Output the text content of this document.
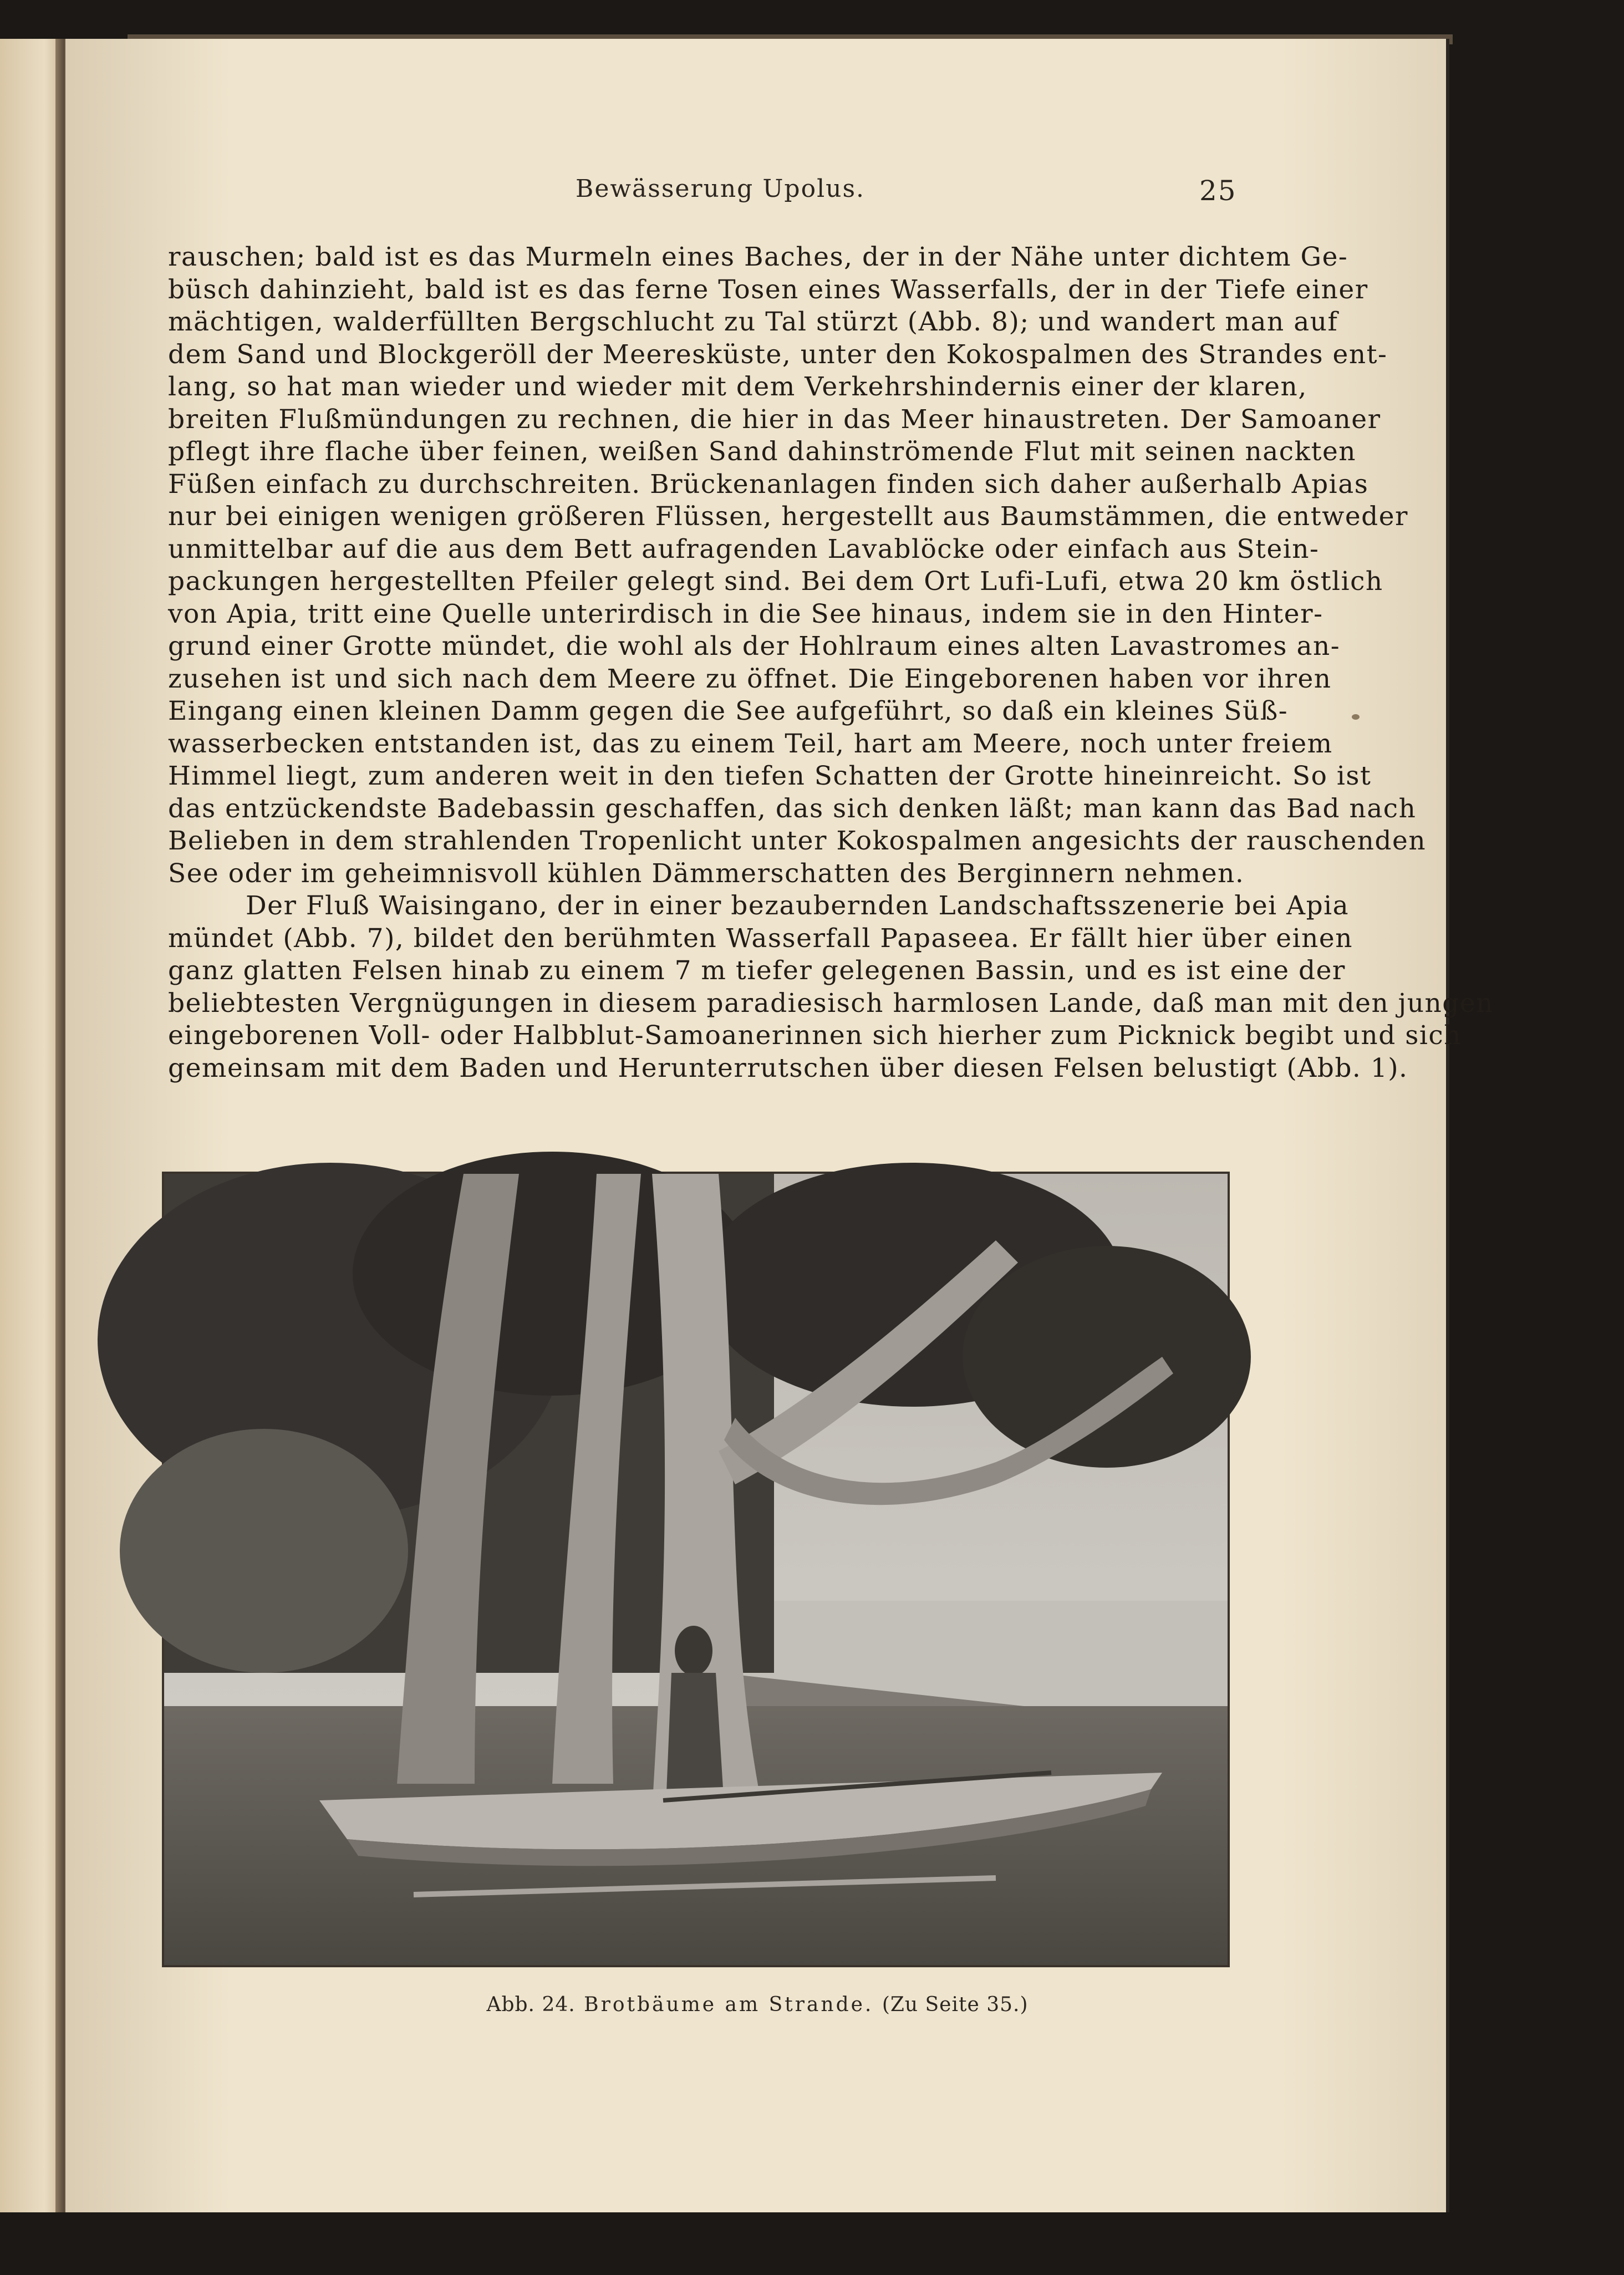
Bewässerung Upolus.	25
rauschen; bald ist es das Murmeln eines Baches, der in der Nähe unter dichtem Ge-
büsch dahinzieht, bald ist es das ferne Tosen eines Wasserfalls, der in der Tiefe einer
mächtigen, walderfüllten Bergschlucht zu Tal stürzt (Abb. 8); und wandert man auf
dem Sand und Blockgeröll der Meeresküste, unter den Kokospalmen des Strandes ent-
lang, so hat man wieder und wieder mit dem Verkehrshindernis einer der klaren,
breiten Flußmündungen zu rechnen, die hier in das Meer hinaustreten. Der Samoaner
pflegt ihre flache über feinen, weißen Sand dahinströmende Flut mit seinen nackten
Füßen einfach zu durchschreiten. Brückenanlagen finden sich daher außerhalb Apias
nur bei einigen wenigen größeren Flüssen, hergestellt aus Baumstämmen, die entweder
unmittelbar auf die aus dem Bett aufragenden Lavablöcke oder einfach aus Stein-
packungen hergestellten Pfeiler gelegt sind. Bei dem Ort Lufi-Lufi, etwa 20 km östlich
von Apia, tritt eine Quelle unterirdisch in die See hinaus, indem sie in den Hinter-
grund einer Grotte mündet, die wohl als der Hohlraum eines alten Lavastromes an-
zusehen ist und sich nach dem Meere zu öffnet. Die Eingeborenen haben vor ihren
Eingang einen kleinen Damm gegen die See aufgeführt, so daß ein kleines Süß-
wasserbecken entstanden ist, das zu einem Teil, hart am Meere, noch unter freiem
Himmel liegt, zum anderen weit in den tiefen Schatten der Grotte hineinreicht. So ist
das entzückendste Badebassin geschaffen, das sich denken läßt; man kann das Bad nach
Belieben in dem strahlenden Tropenlicht unter Kokospalmen angesichts der rauschenden
See oder im geheimnisvoll kühlen Dämmerschatten des Berginnern nehmen.
Der Fluß Waisingano, der in einer bezaubernden Landschaftsszenerie bei Apia
mündet (Abb. 7), bildet den berühmten Wasserfall Papaseea. Er fällt hier über einen
ganz glatten Felsen hinab zu einem 7 m tiefer gelegenen Bassin, und es ist eine der
beliebtesten Vergnügungen in diesem paradiesisch harmlosen Lande, daß man mit den jungen
eingeborenen Voll- oder Halbblut-Samoanerinnen sich hierher zum Picknick begibt und sich
gemeinsam mit dem Baden und Herunterrutschen über diesen Felsen belustigt (Abb. 1).
Abb. 24. Brotbäume am Strande. (Zu Seite 35.)
